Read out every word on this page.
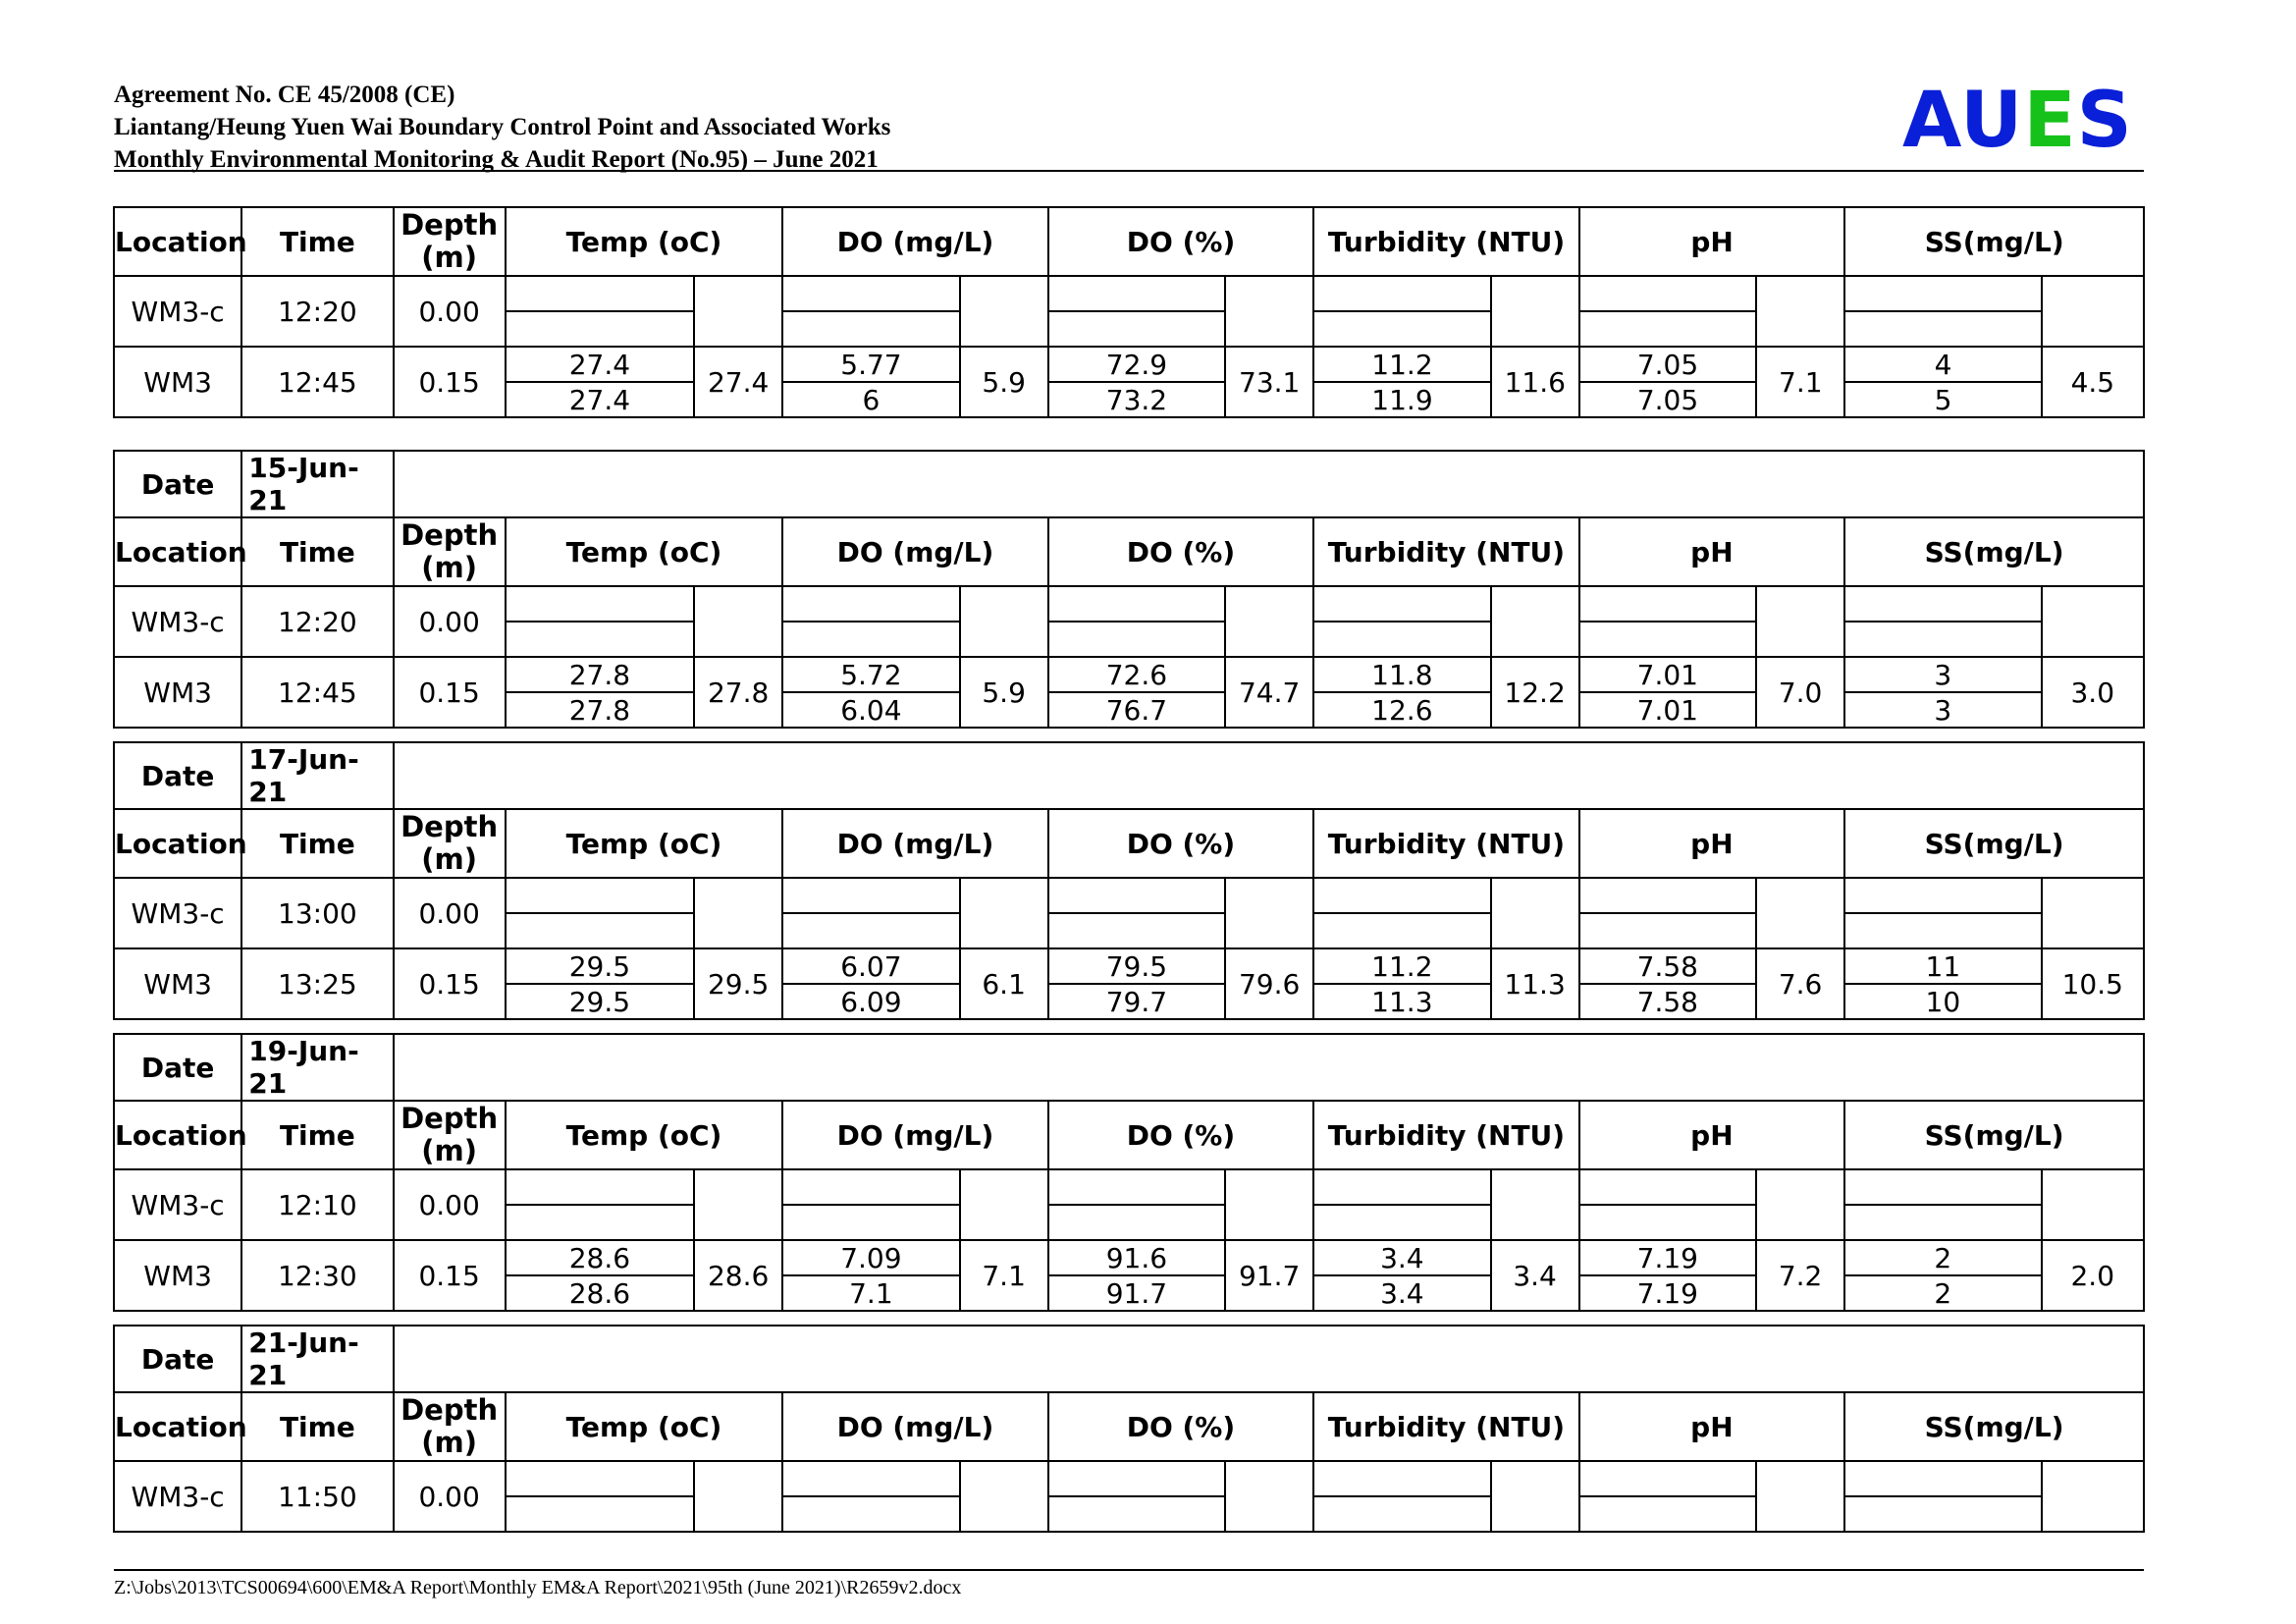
Agreement No. CE 45/2008 (CE)
Liantang/Heung Yuen Wai Boundary Control Point and Associated Works
Monthly Environmental Monitoring & Audit Report (No.95) – June 2021	AUES
Location	Time	Depth (m)	Temp (oC)		DO (mg/L)		DO (%)		Turbidity (NTU)		pH		SS(mg/L)	
WM3-c	12:20	0.00												

WM3	12:45	0.15	27.4	27.4	5.77	5.9	72.9	73.1	11.2	11.6	7.05	7.1	4	4.5
			27.4		6		73.2		11.9		7.05		5	
Date	15-Jun-21													
Location	Time	Depth (m)	Temp (oC)		DO (mg/L)		DO (%)		Turbidity (NTU)		pH		SS(mg/L)	
WM3-c	12:20	0.00												

WM3	12:45	0.15	27.8	27.8	5.72	5.9	72.6	74.7	11.8	12.2	7.01	7.0	3	3.0
			27.8		6.04		76.7		12.6		7.01		3	
Date	17-Jun-21													
Location	Time	Depth (m)	Temp (oC)		DO (mg/L)		DO (%)		Turbidity (NTU)		pH		SS(mg/L)	
WM3-c	13:00	0.00												

WM3	13:25	0.15	29.5	29.5	6.07	6.1	79.5	79.6	11.2	11.3	7.58	7.6	11	10.5
			29.5		6.09		79.7		11.3		7.58		10	
Date	19-Jun-21													
Location	Time	Depth (m)	Temp (oC)		DO (mg/L)		DO (%)		Turbidity (NTU)		pH		SS(mg/L)	
WM3-c	12:10	0.00												

WM3	12:30	0.15	28.6	28.6	7.09	7.1	91.6	91.7	3.4	3.4	7.19	7.2	2	2.0
			28.6		7.1		91.7		3.4		7.19		2	
Date	21-Jun-21													
Location	Time	Depth (m)	Temp (oC)		DO (mg/L)		DO (%)		Turbidity (NTU)		pH		SS(mg/L)	
WM3-c	11:50	0.00												

Z:\Jobs\2013\TCS00694\600\EM&A Report\Monthly EM&A Report\2021\95th (June 2021)\R2659v2.docx
